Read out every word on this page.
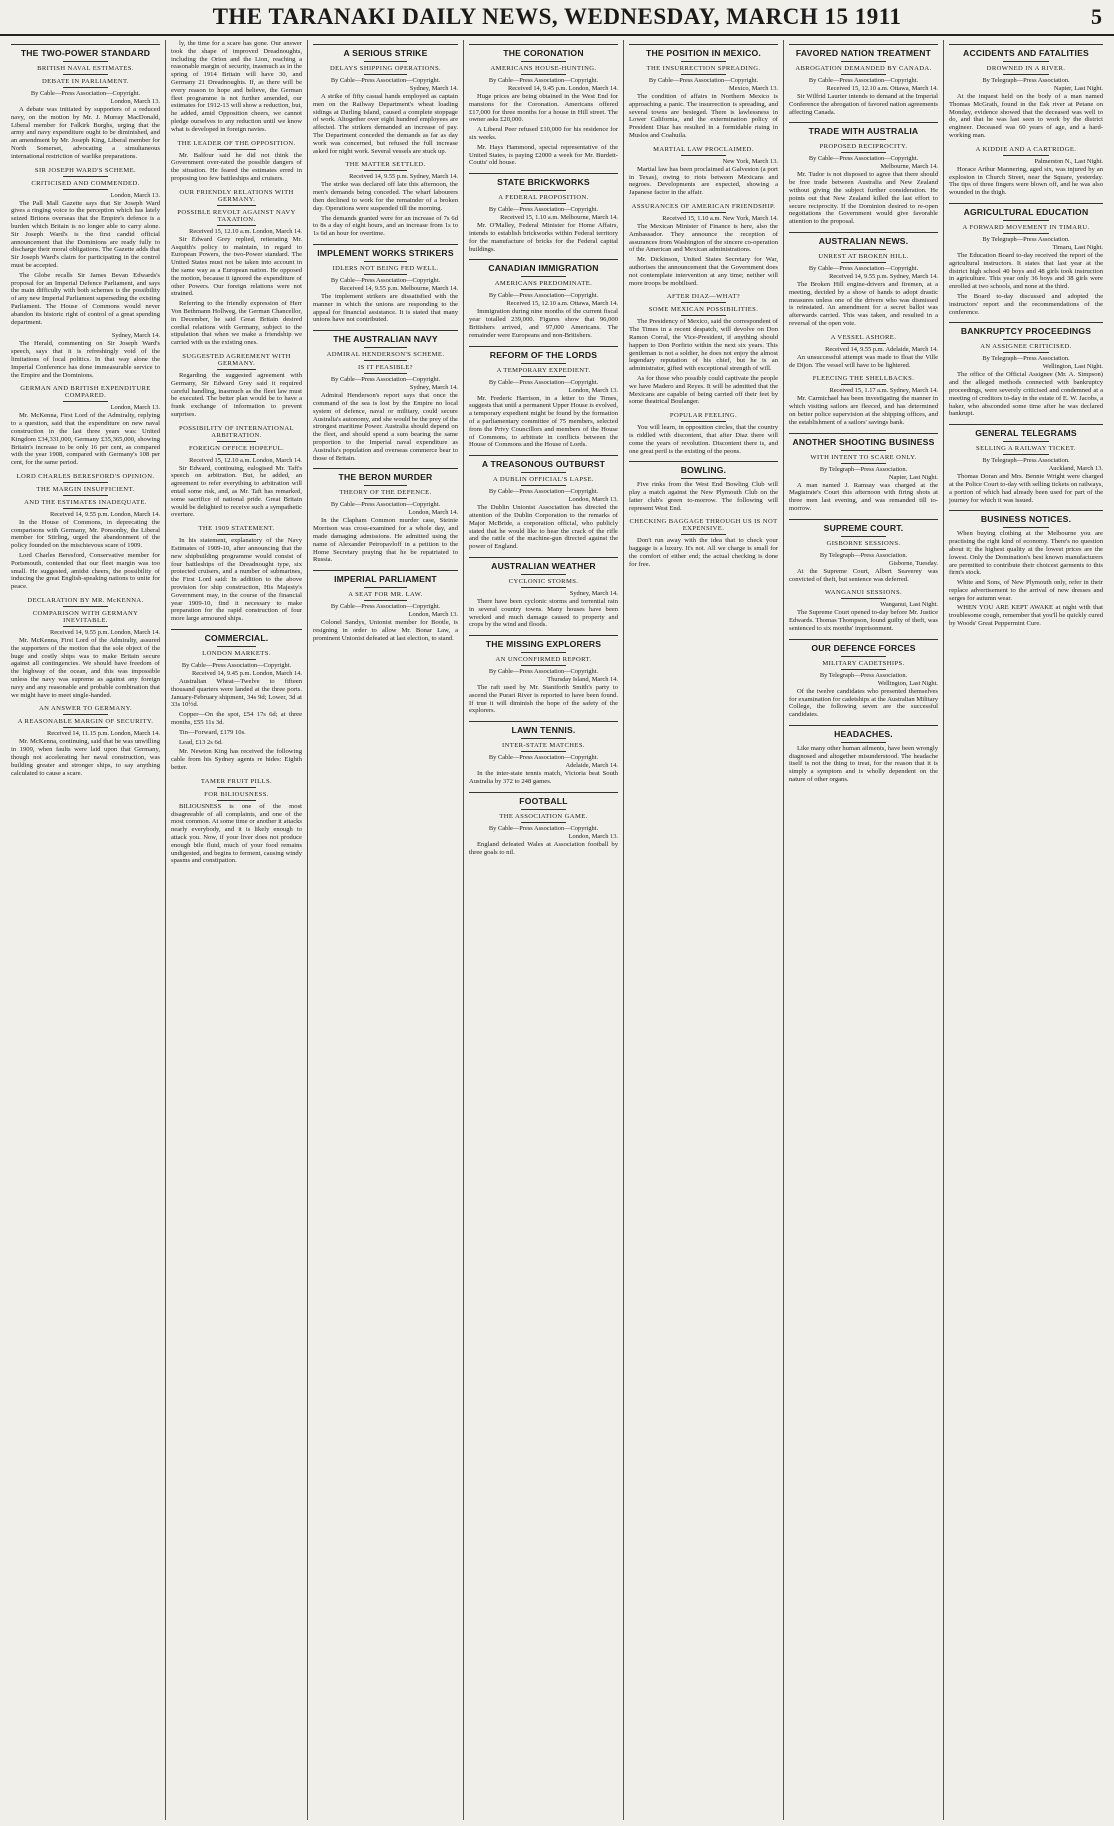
THE TARANAKI DAILY NEWS, WEDNESDAY, MARCH 15 1911	5
THE TWO-POWER STANDARD
BRITISH NAVAL ESTIMATES.
DEBATE IN PARLIAMENT.
By Cable—Press Association—Copyright.
London, March 13.

A debate was initiated by supporters of a reduced navy, on the motion by Mr. J. Murray MacDonald, Liberal member for Falkirk Burghs, urging that the army and navy expenditure ought to be diminished, and an amendment by Mr. Joseph King, Liberal member for North Somerset, advocating a simultaneous international restriction of warlike preparations.

SIR JOSEPH WARD'S SCHEME.
CRITICISED AND COMMENDED.
London, March 13.

The Pall Mall Gazette says that Sir Joseph Ward gives a ringing voice to the perception which has lately seized Britons overseas that the Empire's defence is a burden which Britain is no longer able to carry alone. Sir Joseph Ward's is the first candid official announcement that the Dominions are ready fully to discharge their moral obligations. The Gazette adds that Sir Joseph Ward's claim for participating in the control must be accepted.

The Globe recalls Sir James Bevan Edwards's proposal for an Imperial Defence Parliament, and says the main difficulty with both schemes is the possibility of any new Imperial Parliament superseding the existing Parliament. The House of Commons would never abandon its historic right of control of a great spending department.

Sydney, March 14.

The Herald, commenting on Sir Joseph Ward's speech, says that it is refreshingly void of the limitations of local politics. In that way alone the Imperial Conference has done immeasurable service to the Empire and the Dominions.

GERMAN AND BRITISH EXPENDITURE COMPARED.
London, March 13.

Mr. McKenna, First Lord of the Admiralty, replying to a question, said that the expenditure on new naval construction in the last three years was: United Kingdom £34,331,000, Germany £35,365,000, showing Britain's increase to be only 16 per cent, as compared with the year 1908, compared with Germany's 108 per cent, for the same period.

LORD CHARLES BERESFORD'S OPINION.
THE MARGIN INSUFFICIENT.
AND THE ESTIMATES INADEQUATE.
Received 14, 9.55 p.m. London, March 14.

In the House of Commons, in deprecating the comparisons with Germany, Mr. Ponsonby, the Liberal member for Stirling, urged the abandonment of the policy founded on the mischievous scare of 1909.

Lord Charles Beresford, Conservative member for Portsmouth, contended that our fleet margin was too small. He suggested, amidst cheers, the possibility of inducing the great English-speaking nations to unite for peace.

DECLARATION BY MR. McKENNA.
COMPARISON WITH GERMANY INEVITABLE.
Received 14, 9.55 p.m. London, March 14.

Mr. McKenna, First Lord of the Admiralty, assured the supporters of the motion that the sole object of the huge and costly ships was to make Britain secure against all contingencies. We should have freedom of the highway of the ocean, and this was impossible unless the navy was supreme as against any foreign navy and any reasonable and probable combination that we might have to meet single-handed.

AN ANSWER TO GERMANY.
A REASONABLE MARGIN OF SECURITY.
Received 14, 11.15 p.m. London, March 14.

Mr. McKenna, continuing, said that he was unwilling in 1909, when faults were laid upon that Germany, though not accelerating her naval construction, was building greater and stronger ships, to say anything calculated to cause a scare.

ly, the time for a scare has gone. Our answer took the shape of improved Dreadnoughts, including the Orion and the Lion, reaching a reasonable margin of security, inasmuch as in the spring of 1914 Britain will have 30, and Germany 21 Dreadnoughts. If, as there will be every reason to hope and believe, the German fleet programme is not further amended, our estimates for 1912-13 will show a reduction, but, he added, amid Opposition cheers, we cannot pledge ourselves to any reduction until we know what is developed in foreign navies.

THE LEADER OF THE OPPOSITION.

Mr. Balfour said he did not think the Government over-rated the possible dangers of the situation. He feared the estimates erred in proposing too few battleships and cruisers.

OUR FRIENDLY RELATIONS WITH GERMANY.
POSSIBLE REVOLT AGAINST NAVY TAXATION.
Received 15, 12.10 a.m. London, March 14.

Sir Edward Grey replied, reiterating Mr. Asquith's policy to maintain, in regard to European Powers, the two-Power standard. The United States must not be taken into account in the same way as a European nation. He opposed the motion, because it ignored the expenditure of other Powers. Our foreign relations were not strained.

Referring to the friendly expression of Herr Von Bethmann Hollweg, the German Chancellor, in December, he said Great Britain desired cordial relations with Germany, subject to the stipulation that when we make a friendship we carried with us the existing ones.

SUGGESTED AGREEMENT WITH GERMANY.

Regarding the suggested agreement with Germany, Sir Edward Grey said it required careful handling, inasmuch as the fleet law must be executed. The better plan would be to have a frank exchange of information to prevent surprises.

POSSIBILITY OF INTERNATIONAL ARBITRATION.
FOREIGN OFFICE HOPEFUL.
Received 15, 12.10 a.m. London, March 14.

Sir Edward, continuing, eulogised Mr. Taft's speech on arbitration. But, he added, an agreement to refer everything to arbitration will entail some risk, and, as Mr. Taft has remarked, some sacrifice of national pride. Great Britain would be delighted to receive such a sympathetic overture.

THE 1909 STATEMENT.

In his statement, explanatory of the Navy Estimates of 1909-10, after announcing that the new shipbuilding programme would consist of four battleships of the Dreadnought type, six protected cruisers, and a number of submarines, the First Lord said: In addition to the above provision for ship construction, His Majesty's Government may, in the course of the financial year 1909-10, find it necessary to make preparation for the rapid construction of four more large armoured ships.

COMMERCIAL.
LONDON MARKETS.
By Cable—Press Association—Copyright.
Received 14, 9.45 p.m. London, March 14.

Australian Wheat—Twelve to fifteen thousand quarters were landed at the three ports. January-February shipment, 34s 9d; Lower, 3d at 33s 10½d.

Copper—On the spot, £54 17s 6d; at three months, £55 11s 3d.

Tin—Forward, £179 10s.

Lead, £13 2s 6d.

Mr. Newton King has received the following cable from his Sydney agents re hides: Eighth better.

TAMER FRUIT PILLS.
FOR BILIOUSNESS.

BILIOUSNESS is one of the most disagreeable of all complaints, and one of the most common. At some time or another it attacks nearly everybody, and it is likely enough to attack you. Now, if your liver does not produce enough bile fluid, much of your food remains undigested, and begins to ferment, causing windy spasms and constipation.

A SERIOUS STRIKE
DELAYS SHIPPING OPERATIONS.
By Cable—Press Association—Copyright.
Sydney, March 14.

A strike of fifty casual hands employed as captain men on the Railway Department's wheat loading sidings at Darling Island, caused a complete stoppage of work. Altogether over eight hundred employees are affected. The strikers demanded an increase of pay. The Department conceded the demands as far as day work was concerned, but refused the full increase asked for night work. Several vessels are stuck up.

THE MATTER SETTLED.
Received 14, 9.55 p.m. Sydney, March 14.

The strike was declared off late this afternoon, the men's demands being conceded. The wharf labourers then declined to work for the remainder of a broken day. Operations were suspended till the morning.

The demands granted were for an increase of 7s 6d to 8s a day of eight hours, and an increase from 1s to 1s 6d an hour for overtime.

IMPLEMENT WORKS STRIKERS
IDLERS NOT BEING FED WELL.
By Cable—Press Association—Copyright.
Received 14, 9.55 p.m. Melbourne, March 14.

The implement strikers are dissatisfied with the manner in which the unions are responding to the appeal for financial assistance. It is stated that many unions have not contributed.

THE AUSTRALIAN NAVY
ADMIRAL HENDERSON'S SCHEME.
IS IT FEASIBLE?
By Cable—Press Association—Copyright.
Sydney, March 14.

Admiral Henderson's report says that once the command of the sea is lost by the Empire no local system of defence, naval or military, could secure Australia's autonomy, and she would be the prey of the strongest maritime Power. Australia should depend on the fleet, and should spend a sum bearing the same proportion to the Imperial naval expenditure as Australia's population and overseas commerce bear to those of Britain.

THE BERON MURDER
THEORY OF THE DEFENCE.
By Cable—Press Association—Copyright.
London, March 14.

In the Clapham Common murder case, Steinie Morrison was cross-examined for a whole day, and made damaging admissions. He admitted using the name of Alexander Petropavloff in a petition to the Home Secretary praying that he be repatriated to Russia.

IMPERIAL PARLIAMENT
A SEAT FOR MR. LAW.
By Cable—Press Association—Copyright.
London, March 13.

Colonel Sandys, Unionist member for Bootle, is resigning in order to allow Mr. Bonar Law, a prominent Unionist defeated at last election, to stand.

THE CORONATION
AMERICANS HOUSE-HUNTING.
By Cable—Press Association—Copyright.
Received 14, 9.45 p.m. London, March 14.

Huge prices are being obtained in the West End for mansions for the Coronation. Americans offered £17,000 for three months for a house in Hill street. The owner asks £20,000.

A Liberal Peer refused £10,000 for his residence for six weeks.

Mr. Hays Hammond, special representative of the United States, is paying £2000 a week for Mr. Burdett-Coutts' old house.

STATE BRICKWORKS
A FEDERAL PROPOSITION.
By Cable—Press Association—Copyright.
Received 15, 1.10 a.m. Melbourne, March 14.

Mr. O'Malley, Federal Minister for Home Affairs, intends to establish brickworks within Federal territory for the manufacture of bricks for the Federal capital buildings.

CANADIAN IMMIGRATION
AMERICANS PREDOMINATE.
By Cable—Press Association—Copyright.
Received 15, 12.10 a.m. Ottawa, March 14.

Immigration during nine months of the current fiscal year totalled 239,000. Figures show that 96,000 Britishers arrived, and 97,000 Americans. The remainder were Europeans and non-Britishers.

REFORM OF THE LORDS
A TEMPORARY EXPEDIENT.
By Cable—Press Association—Copyright.
London, March 13.

Mr. Frederic Harrison, in a letter to the Times, suggests that until a permanent Upper House is evolved, a temporary expedient might be found by the formation of a parliamentary committee of 75 members, selected from the Privy Councillors and members of the House of Commons, to arbitrate in conflicts between the House of Commons and the House of Lords.

A TREASONOUS OUTBURST
A DUBLIN OFFICIAL'S LAPSE.
By Cable—Press Association—Copyright.
London, March 13.

The Dublin Unionist Association has directed the attention of the Dublin Corporation to the remarks of Major McBride, a corporation official, who publicly stated that he would like to hear the crack of the rifle and the rattle of the machine-gun directed against the power of England.

AUSTRALIAN WEATHER
CYCLONIC STORMS.
Sydney, March 14.

There have been cyclonic storms and torrential rain in several country towns. Many houses have been wrecked and much damage caused to property and crops by the wind and floods.

THE MISSING EXPLORERS
AN UNCONFIRMED REPORT.
By Cable—Press Association—Copyright.
Thursday Island, March 14.

The raft used by Mr. Staniforth Smith's party to ascend the Purari River is reported to have been found. If true it will diminish the hope of the safety of the explorers.

LAWN TENNIS.
INTER-STATE MATCHES.
By Cable—Press Association—Copyright.
Adelaide, March 14.

In the inter-state tennis match, Victoria beat South Australia by 372 to 248 games.

FOOTBALL
THE ASSOCIATION GAME.
By Cable—Press Association—Copyright.
London, March 13.

England defeated Wales at Association football by three goals to nil.

THE POSITION IN MEXICO.
THE INSURRECTION SPREADING.
By Cable—Press Association—Copyright.
Mexico, March 13.

The condition of affairs in Northern Mexico is approaching a panic. The insurrection is spreading, and several towns are besieged. There is lawlessness in Lower California, and the extermination policy of President Diaz has resulted in a formidable rising in Muslos and Coahuila.

MARTIAL LAW PROCLAIMED.
New York, March 13.

Martial law has been proclaimed at Galveston (a port in Texas), owing to riots between Mexicans and negroes. Developments are expected, showing a Japanese factor in the affair.

ASSURANCES OF AMERICAN FRIENDSHIP.
Received 15, 1.10 a.m. New York, March 14.

The Mexican Minister of Finance is here, also the Ambassador. They announce the reception of assurances from Washington of the sincere co-operation of the American and Mexican administrations.

Mr. Dickinson, United States Secretary for War, authorises the announcement that the Government does not contemplate intervention at any time; neither will more troops be mobilised.

AFTER DIAZ—WHAT?
SOME MEXICAN POSSIBILITIES.

The Presidency of Mexico, said the correspondent of The Times in a recent despatch, will devolve on Don Ramon Corral, the Vice-President, if anything should happen to Don Porfirio within the next six years. This gentleman is not a soldier, he does not enjoy the almost legendary reputation of his chief, but he is an administrator, gifted with exceptional strength of will.

As for those who possibly could captivate the people we have Madero and Reyes. It will be admitted that the Mexicans are capable of being carried off their feet by some theatrical Boulanger.

POPULAR FEELING.

You will learn, in opposition circles, that the country is riddled with discontent, that after Diaz there will come the years of revolution. Discontent there is, and one great peril is the existing of the peons.

BOWLING.

Five rinks from the West End Bowling Club will play a match against the New Plymouth Club on the latter club's green to-morrow. The following will represent West End.

CHECKING BAGGAGE THROUGH US IS NOT EXPENSIVE.

Don't run away with the idea that to check your baggage is a luxury. It's not. All we charge is small for the comfort of either end; the actual checking is done for free.

FAVORED NATION TREATMENT
ABROGATION DEMANDED BY CANADA.
By Cable—Press Association—Copyright.
Received 15, 12.10 a.m. Ottawa, March 14.

Sir Wilfrid Laurier intends to demand at the Imperial Conference the abrogation of favored nation agreements affecting Canada.

TRADE WITH AUSTRALIA
PROPOSED RECIPROCITY.
By Cable—Press Association—Copyright.
Melbourne, March 14.

Mr. Tudor is not disposed to agree that there should be free trade between Australia and New Zealand without giving the subject further consideration. He points out that New Zealand killed the last effort to secure reciprocity. If the Dominion desired to re-open negotiations the Government would give favorable attention to the proposal.

AUSTRALIAN NEWS.
UNREST AT BROKEN HILL.
By Cable—Press Association—Copyright.
Received 14, 9.55 p.m. Sydney, March 14.

The Broken Hill engine-drivers and firemen, at a meeting, decided by a show of hands to adopt drastic measures unless one of the drivers who was dismissed is reinstated. An amendment for a secret ballot was afterwards carried. This was taken, and resulted in a reversal of the open vote.

A VESSEL ASHORE.
Received 14, 9.55 p.m. Adelaide, March 14.

An unsuccessful attempt was made to float the Ville de Dijon. The vessel will have to be lightered.

FLEECING THE SHELLBACKS.
Received 15, 1.17 a.m. Sydney, March 14.

Mr. Carmichael has been investigating the manner in which visiting sailors are fleeced, and has determined on better police supervision at the shipping offices, and the establishment of a sailors' savings bank.

ANOTHER SHOOTING BUSINESS
WITH INTENT TO SCARE ONLY.
By Telegraph—Press Association.
Napier, Last Night.

A man named J. Ramsay was charged at the Magistrate's Court this afternoon with firing shots at three men last evening, and was remanded till to-morrow.

SUPREME COURT.
GISBORNE SESSIONS.
By Telegraph—Press Association.
Gisborne, Tuesday.

At the Supreme Court, Albert Seaverey was convicted of theft, but sentence was deferred.

WANGANUI SESSIONS.
Wanganui, Last Night.

The Supreme Court opened to-day before Mr. Justice Edwards. Thomas Thompson, found guilty of theft, was sentenced to six months' imprisonment.

OUR DEFENCE FORCES
MILITARY CADETSHIPS.
By Telegraph—Press Association.
Wellington, Last Night.

Of the twelve candidates who presented themselves for examination for cadetships at the Australian Military College, the following seven are the successful candidates.

HEADACHES.

Like many other human ailments, have been wrongly diagnosed and altogether misunderstood. The headache itself is not the thing to treat, for the reason that it is simply a symptom and is wholly dependent on the nature of other organs.

ACCIDENTS AND FATALITIES
DROWNED IN A RIVER.
By Telegraph—Press Association.
Napier, Last Night.

At the inquest held on the body of a man named Thomas McGrath, found in the Esk river at Petane on Monday, evidence showed that the deceased was well to do, and that he was last seen to work by the district engineer. Deceased was 60 years of age, and a hard-working man.

A KIDDIE AND A CARTRIDGE.
Palmerston N., Last Night.

Horace Arthur Mannering, aged six, was injured by an explosion in Church Street, near the Square, yesterday. The tips of three fingers were blown off, and he was also wounded in the thigh.

AGRICULTURAL EDUCATION
A FORWARD MOVEMENT IN TIMARU.
By Telegraph—Press Association.
Timaru, Last Night.

The Education Board to-day received the report of the agricultural instructors. It states that last year at the district high school 40 boys and 48 girls took instruction in agriculture. This year only 36 boys and 38 girls were enrolled at two schools, and none at the third.

The Board to-day discussed and adopted the instructors' report and the recommendations of the conference.

BANKRUPTCY PROCEEDINGS
AN ASSIGNEE CRITICISED.
By Telegraph—Press Association.
Wellington, Last Night.

The office of the Official Assignee (Mr. A. Simpson) and the alleged methods connected with bankruptcy proceedings, were severely criticised and condemned at a meeting of creditors to-day in the estate of E. W. Jacobs, a baker, who absconded some time after he was declared bankrupt.

GENERAL TELEGRAMS
SELLING A RAILWAY TICKET.
By Telegraph—Press Association.
Auckland, March 13.

Thomas Doran and Mrs. Bennie Wright were charged at the Police Court to-day with selling tickets on railways, a portion of which had already been used for part of the journey for which it was issued.

BUSINESS NOTICES.

When buying clothing at the Melbourne you are practising the right kind of economy. There's no question about it; the highest quality at the lowest prices are the lowest. Only the Domination's best known manufacturers are permitted to contribute their choicest garments to this firm's stock.

White and Sons, of New Plymouth only, refer in their replace advertisement to the arrival of new dresses and serges for autumn wear.

WHEN YOU ARE KEPT AWAKE at night with that troublesome cough, remember that you'll be quickly cured by Woods' Great Peppermint Cure.
